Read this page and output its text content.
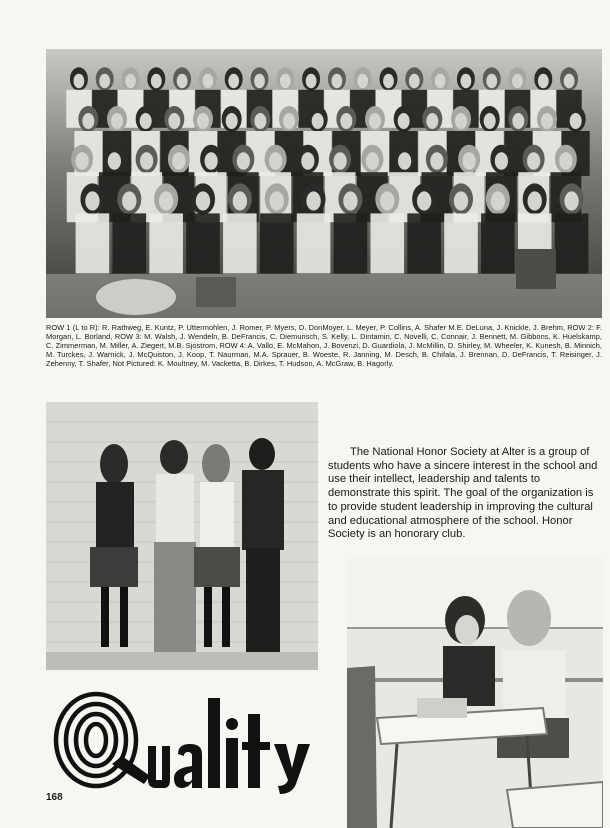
ROW 1 (L to R): R. Rathweg, E. Kuntz, P. Uttermohlen, J. Romer, P. Myers, D. DonMoyer, L. Meyer, P. Collins, A. Shafer M.E. DeLuna, J. Knickle, J. Brehm, ROW 2: F. Morgan, L. Borland, ROW 3: M. Walsh, J. Wendeln, B. DeFrancis, C. Diemunsch, S. Kelly, L. Dintamin, C. Novelli, C. Connair, J. Bennett, M. Gibbons, K. Huelskamp, C. Zimmerman, M. Miller, A. Ziegert, M.B. Sjostrom, ROW 4: A. Vallo, E. McMahon, J. Bovenzi, D. Guardiola, J. McMillin, D. Shirley, M. Wheeler, K. Kunesh, B. Minnich, M. Turckes, J. Warnick, J. McQuiston, J. Koop, T. Naurman, M.A. Sprauer, B. Woeste, R. Janning, M. Desch, B. Chifala, J. Brennan, D. DeFrancis, T. Reisinger, J. Zehenny, T. Shafer, Not Pictured: K. Moultney, M. Vacketta, B. Dirkes, T. Hudson, A. McGraw, B. Hagorly.

The National Honor Society at Alter is a group of students who have a sincere interest in the school and use their intellect, leadership and talents to demonstrate this spirit. The goal of the organization is to provide student leadership in improving the cultural and educational atmosphere of the school. Honor Society is an honorary club.

168
